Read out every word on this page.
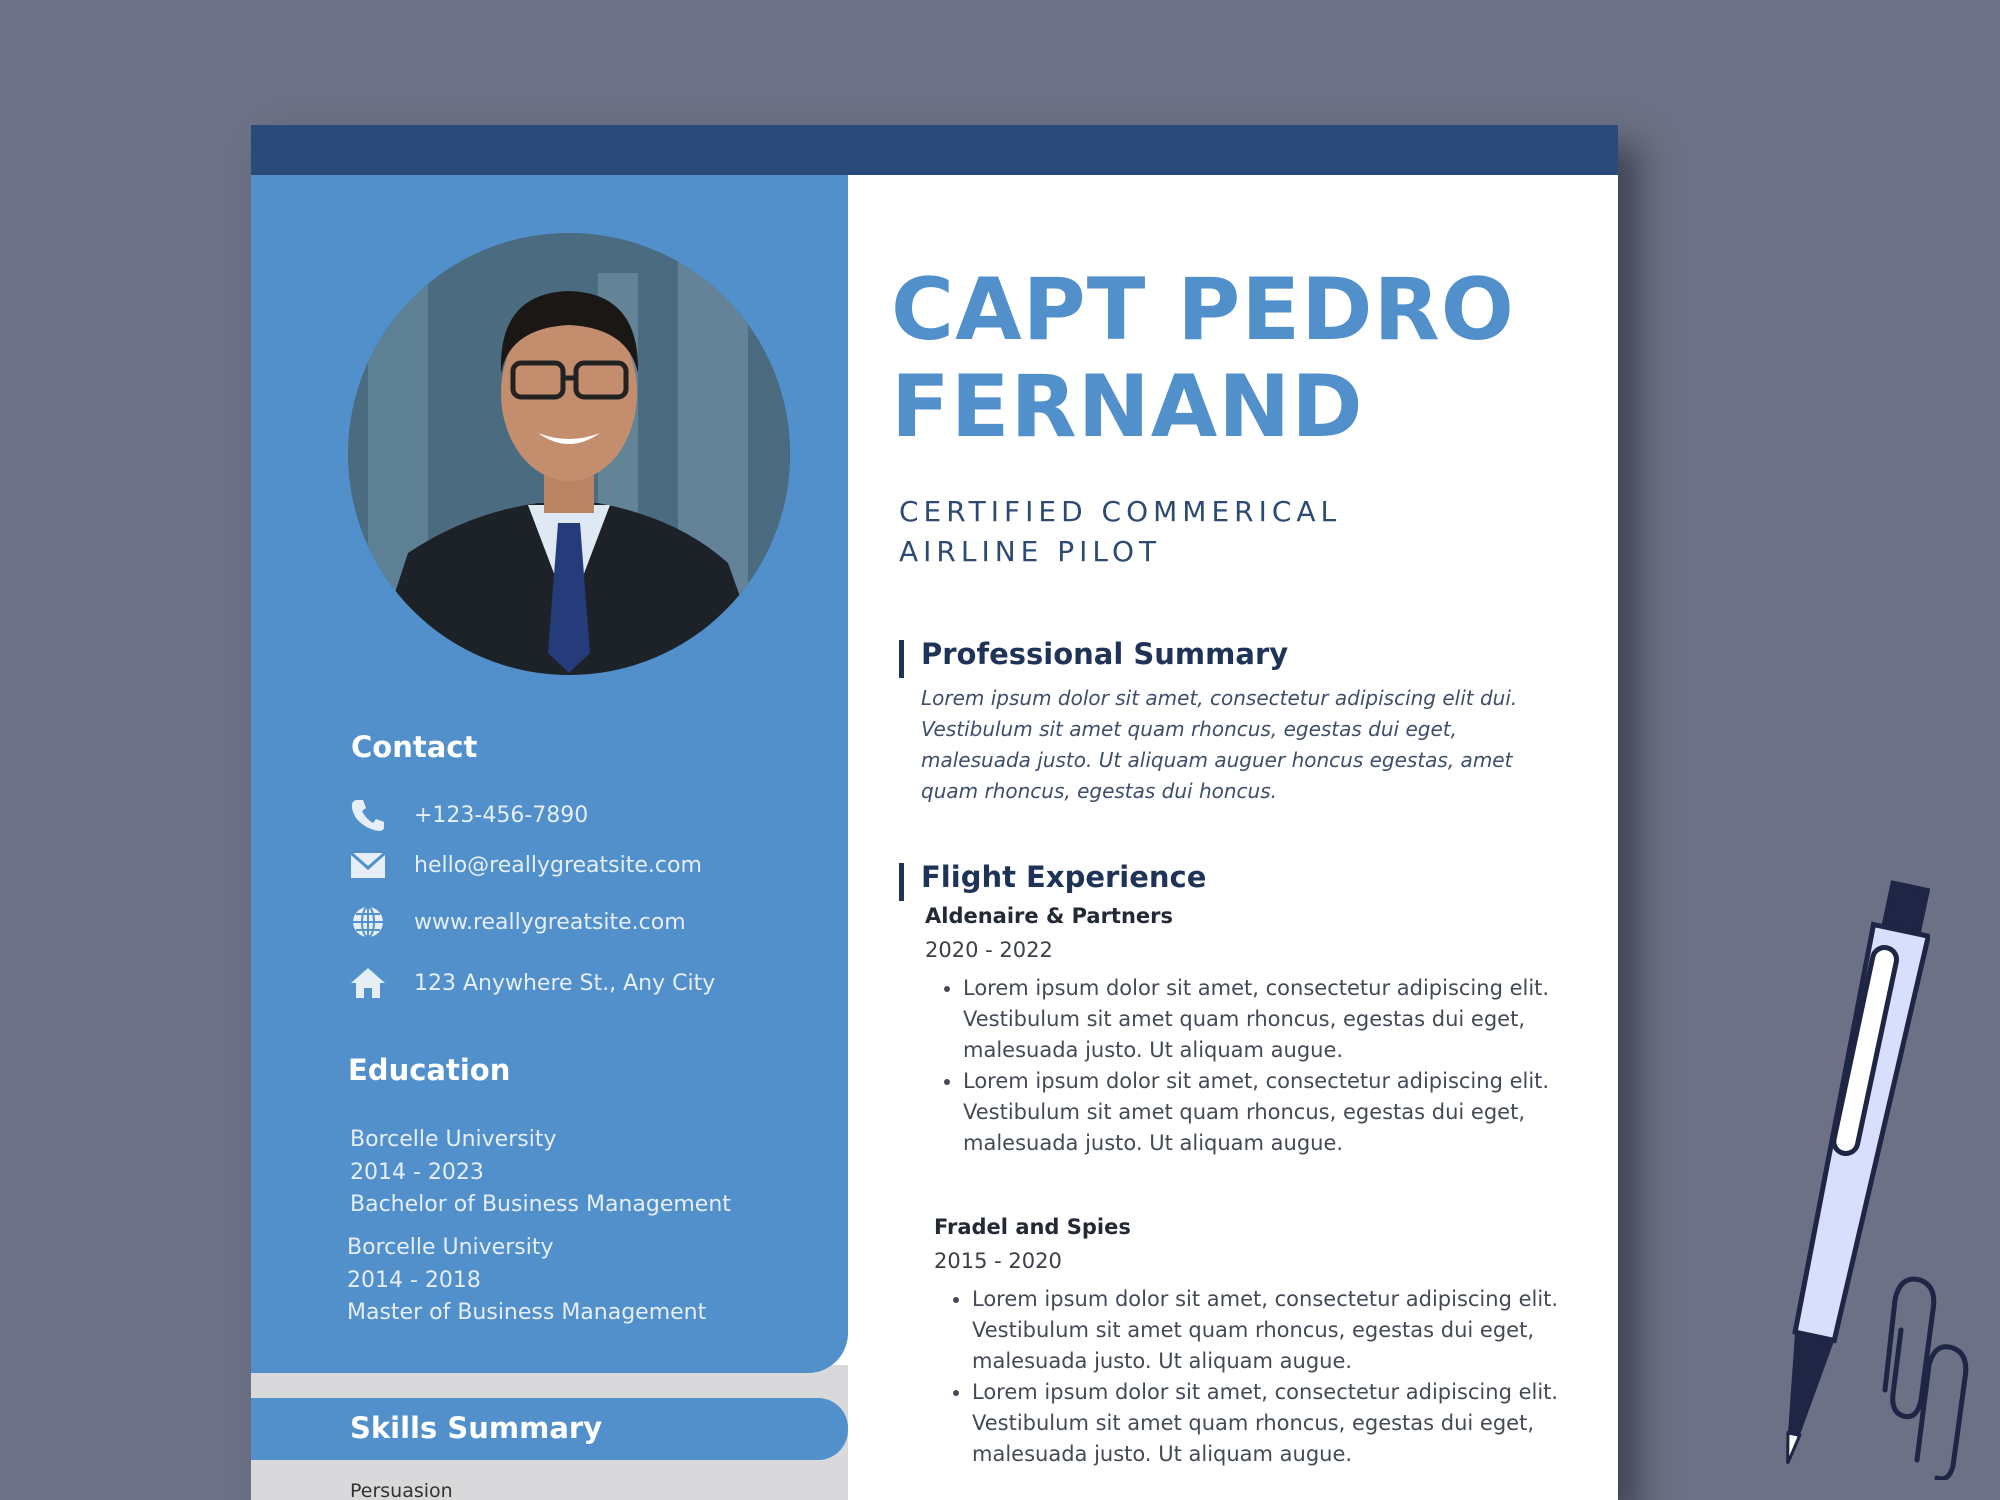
Contact
+123-456-7890
hello@reallygreatsite.com
www.reallygreatsite.com
123 Anywhere St., Any City
Education
Borcelle University
2014 - 2023
Bachelor of Business Management
Borcelle University
2014 - 2018
Master of Business Management
Skills Summary
Persuasion
CAPT PEDRO
FERNAND
CERTIFIED COMMERICAL
AIRLINE PILOT
Professional Summary
Lorem ipsum dolor sit amet, consectetur adipiscing elit dui. Vestibulum sit amet quam rhoncus, egestas dui eget, malesuada justo. Ut aliquam auguer honcus egestas, amet quam rhoncus, egestas dui honcus.
Flight Experience
Aldenaire & Partners
2020 - 2022
• Lorem ipsum dolor sit amet, consectetur adipiscing elit. Vestibulum sit amet quam rhoncus, egestas dui eget, malesuada justo. Ut aliquam augue.
• Lorem ipsum dolor sit amet, consectetur adipiscing elit. Vestibulum sit amet quam rhoncus, egestas dui eget, malesuada justo. Ut aliquam augue.
Fradel and Spies
2015 - 2020
• Lorem ipsum dolor sit amet, consectetur adipiscing elit. Vestibulum sit amet quam rhoncus, egestas dui eget, malesuada justo. Ut aliquam augue.
• Lorem ipsum dolor sit amet, consectetur adipiscing elit. Vestibulum sit amet quam rhoncus, egestas dui eget, malesuada justo. Ut aliquam augue.
